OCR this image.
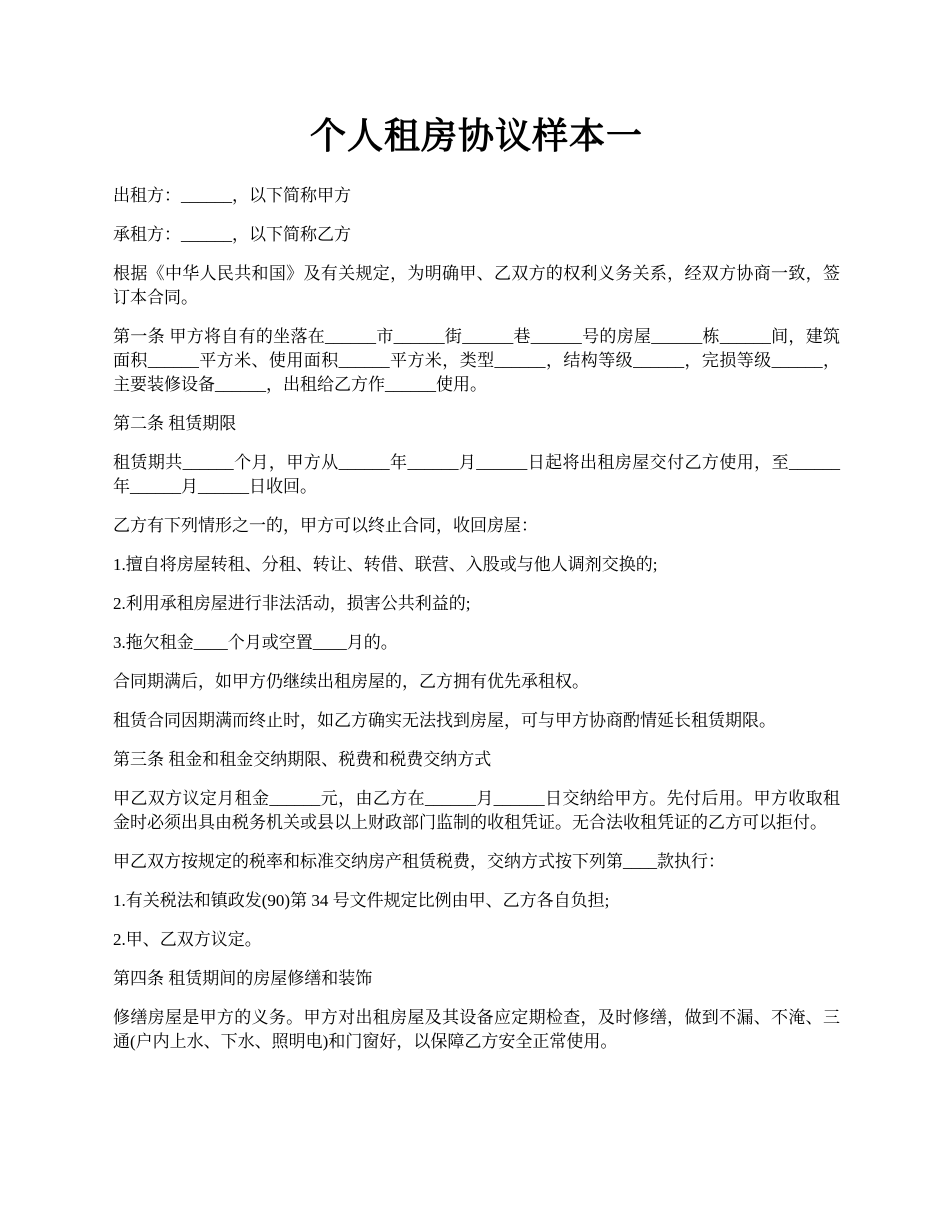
个人租房协议样本一

出租方：______，以下简称甲方

承租方：______，以下简称乙方

根据《中华人民共和国》及有关规定，为明确甲、乙双方的权利义务关系，经双方协商一致，签订本合同。

第一条 甲方将自有的坐落在______市______街______巷______号的房屋______栋______间，建筑面积______平方米、使用面积______平方米，类型______，结构等级______，完损等级______，主要装修设备______，出租给乙方作______使用。

第二条 租赁期限

租赁期共______个月，甲方从______年______月______日起将出租房屋交付乙方使用，至______年______月______日收回。

乙方有下列情形之一的，甲方可以终止合同，收回房屋：

1.擅自将房屋转租、分租、转让、转借、联营、入股或与他人调剂交换的;

2.利用承租房屋进行非法活动，损害公共利益的;

3.拖欠租金____个月或空置____月的。

合同期满后，如甲方仍继续出租房屋的，乙方拥有优先承租权。

租赁合同因期满而终止时，如乙方确实无法找到房屋，可与甲方协商酌情延长租赁期限。

第三条 租金和租金交纳期限、税费和税费交纳方式

甲乙双方议定月租金______元，由乙方在______月______日交纳给甲方。先付后用。甲方收取租金时必须出具由税务机关或县以上财政部门监制的收租凭证。无合法收租凭证的乙方可以拒付。

甲乙双方按规定的税率和标准交纳房产租赁税费，交纳方式按下列第____款执行：

1.有关税法和镇政发(90)第 34 号文件规定比例由甲、乙方各自负担;

2.甲、乙双方议定。

第四条 租赁期间的房屋修缮和装饰

修缮房屋是甲方的义务。甲方对出租房屋及其设备应定期检查，及时修缮，做到不漏、不淹、三通(户内上水、下水、照明电)和门窗好，以保障乙方安全正常使用。
